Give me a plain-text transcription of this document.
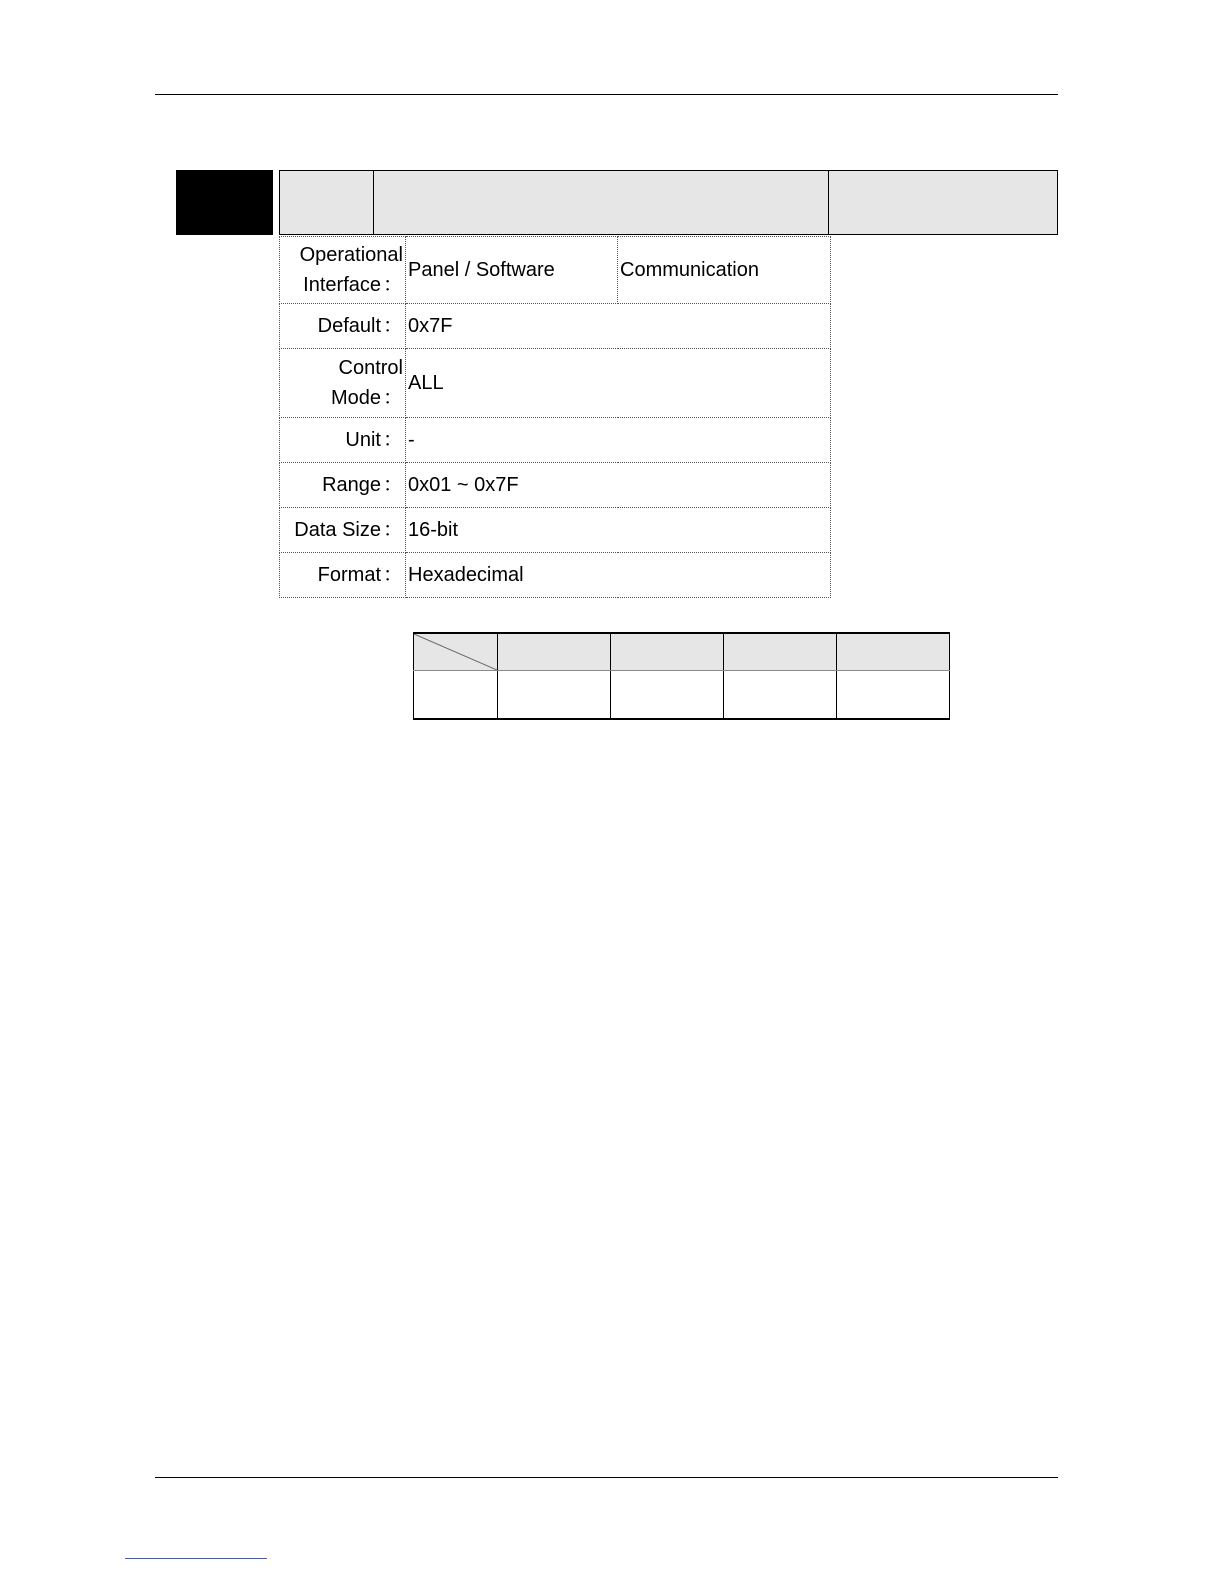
Operational
Interface ：	Panel / Software	Communication
Default ：	0x7F	

Control
Mode ：	ALL	
Unit ：	-	
Range ：	0x01 ~ 0x7F	
Data Size ：	16-bit	
Format ：	Hexadecimal	
